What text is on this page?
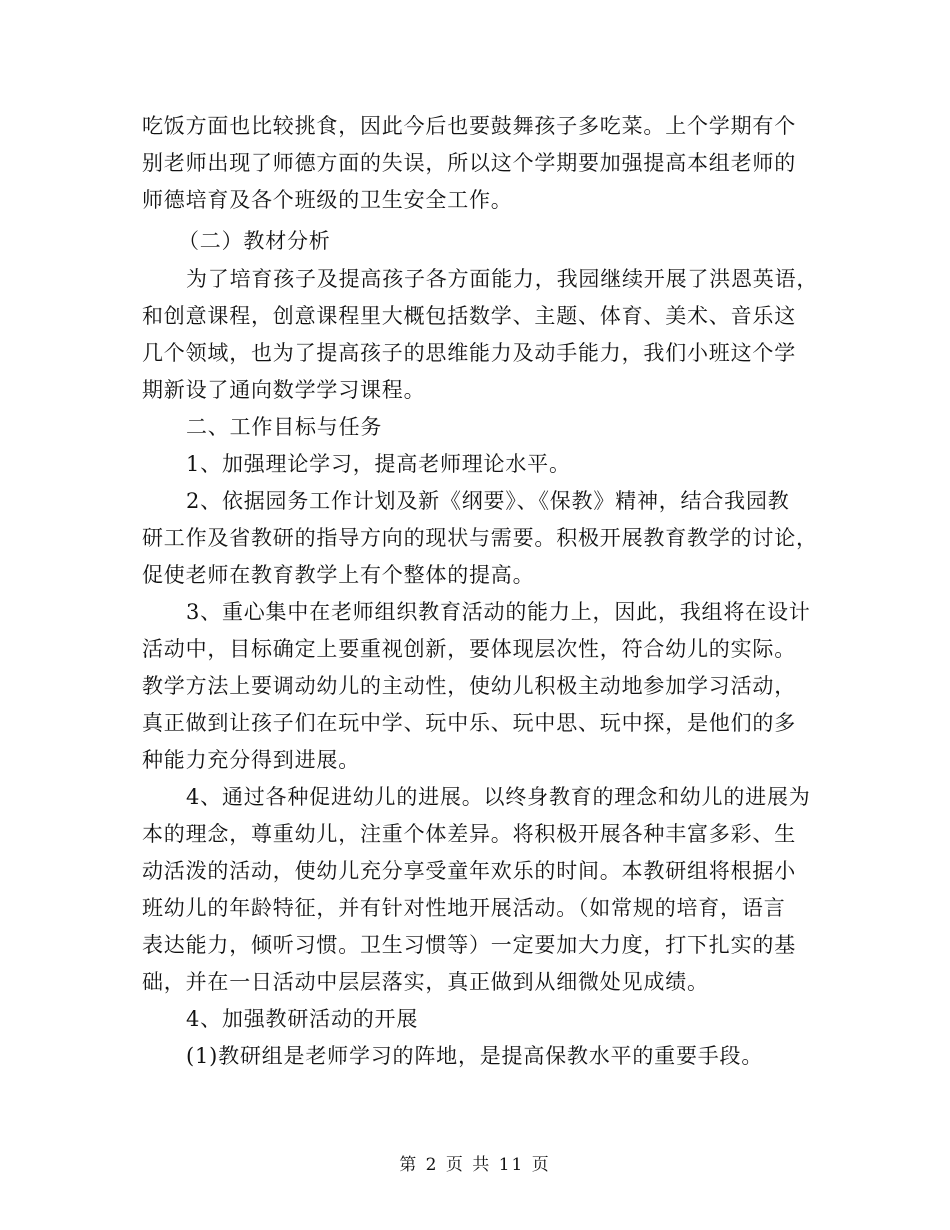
吃饭方面也比较挑食，因此今后也要鼓舞孩子多吃菜。上个学期有个
别老师出现了师德方面的失误，所以这个学期要加强提高本组老师的
师德培育及各个班级的卫生安全工作。
（二）教材分析
为了培育孩子及提高孩子各方面能力，我园继续开展了洪恩英语，
和创意课程，创意课程里大概包括数学、主题、体育、美术、音乐这
几个领域，也为了提高孩子的思维能力及动手能力，我们小班这个学
期新设了通向数学学习课程。
二、工作目标与任务
1、加强理论学习，提高老师理论水平。
2、依据园务工作计划及新《纲要》、《保教》精神，结合我园教
研工作及省教研的指导方向的现状与需要。积极开展教育教学的讨论，
促使老师在教育教学上有个整体的提高。
3、重心集中在老师组织教育活动的能力上，因此，我组将在设计
活动中，目标确定上要重视创新，要体现层次性，符合幼儿的实际。
教学方法上要调动幼儿的主动性，使幼儿积极主动地参加学习活动，
真正做到让孩子们在玩中学、玩中乐、玩中思、玩中探，是他们的多
种能力充分得到进展。
4、通过各种促进幼儿的进展。以终身教育的理念和幼儿的进展为
本的理念，尊重幼儿，注重个体差异。将积极开展各种丰富多彩、生
动活泼的活动，使幼儿充分享受童年欢乐的时间。本教研组将根据小
班幼儿的年龄特征，并有针对性地开展活动。（如常规的培育，语言
表达能力，倾听习惯。卫生习惯等）一定要加大力度，打下扎实的基
础，并在一日活动中层层落实，真正做到从细微处见成绩。
4、加强教研活动的开展
(1)教研组是老师学习的阵地，是提高保教水平的重要手段。
第 2 页 共 11 页
